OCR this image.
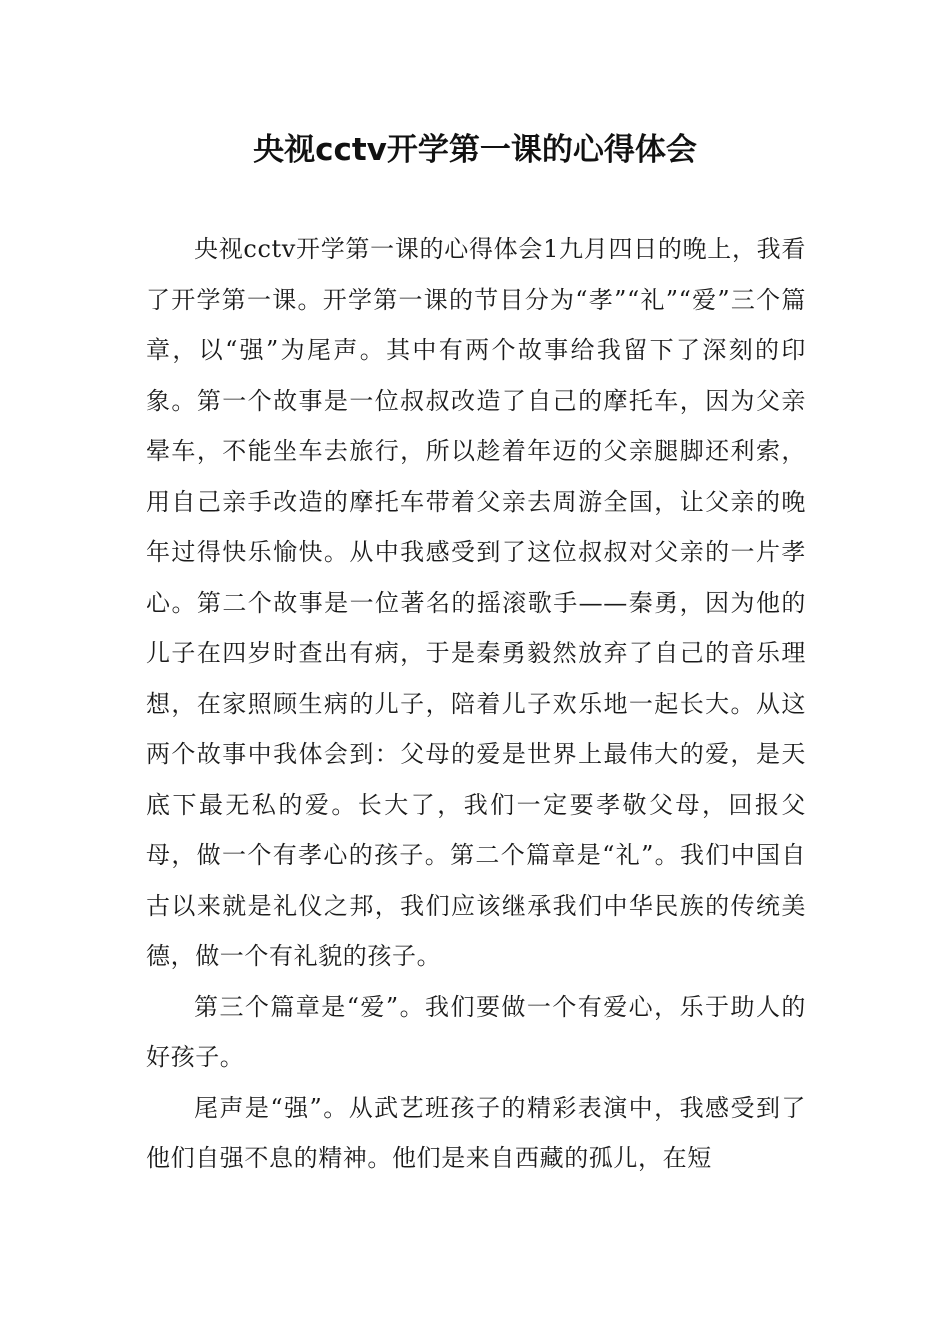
央视cctv开学第一课的心得体会

央视cctv开学第一课的心得体会1九月四日的晚上，我看了开学第一课。开学第一课的节目分为“孝”“礼”“爱”三个篇章，以“强”为尾声。其中有两个故事给我留下了深刻的印象。第一个故事是一位叔叔改造了自己的摩托车，因为父亲晕车，不能坐车去旅行，所以趁着年迈的父亲腿脚还利索，用自己亲手改造的摩托车带着父亲去周游全国，让父亲的晚年过得快乐愉快。从中我感受到了这位叔叔对父亲的一片孝心。第二个故事是一位著名的摇滚歌手——秦勇，因为他的儿子在四岁时查出有病，于是秦勇毅然放弃了自己的音乐理想，在家照顾生病的儿子，陪着儿子欢乐地一起长大。从这两个故事中我体会到：父母的爱是世界上最伟大的爱，是天底下最无私的爱。长大了，我们一定要孝敬父母，回报父母，做一个有孝心的孩子。第二个篇章是“礼”。我们中国自古以来就是礼仪之邦，我们应该继承我们中华民族的传统美德，做一个有礼貌的孩子。

第三个篇章是“爱”。我们要做一个有爱心，乐于助人的好孩子。

尾声是“强”。从武艺班孩子的精彩表演中，我感受到了他们自强不息的精神。他们是来自西藏的孤儿，在短
